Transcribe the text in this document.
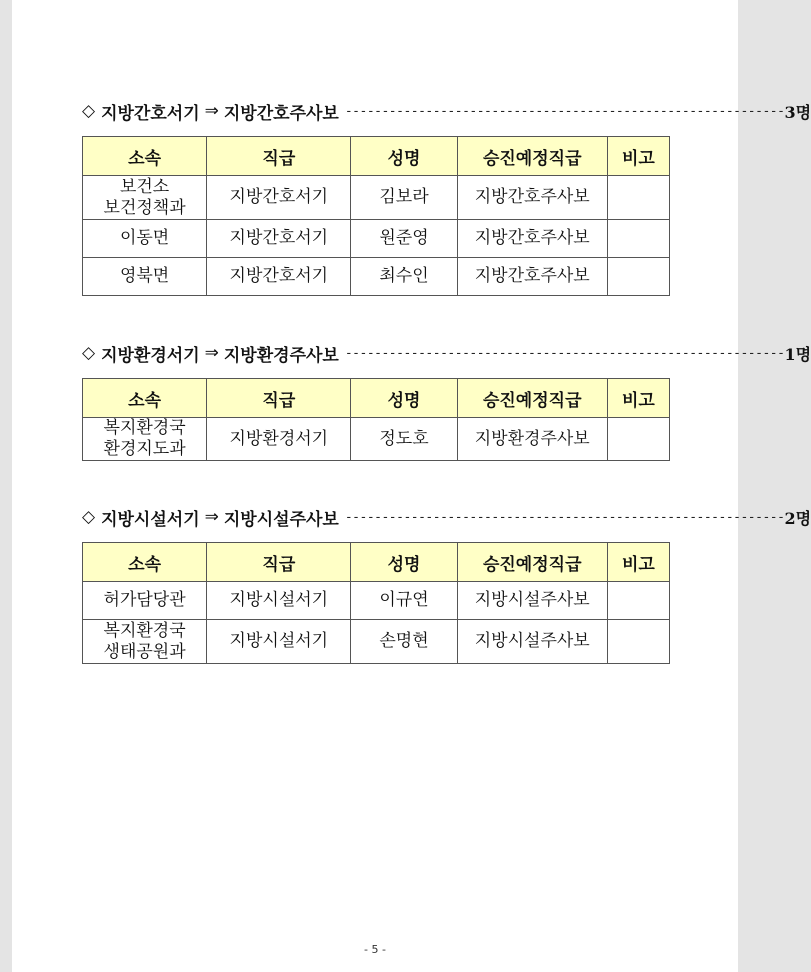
◇ 지방간호서기 ⇒ 지방간호주사보 ------------------------------------------------------------ 3명
소속	직급	성명	승진예정직급	비고

보건소
보건정책과	지방간호서기	김보라	지방간호주사보	
이동면	지방간호서기	원준영	지방간호주사보	
영북면	지방간호서기	최수인	지방간호주사보	
◇ 지방환경서기 ⇒ 지방환경주사보 ------------------------------------------------------------ 1명
소속	직급	성명	승진예정직급	비고

복지환경국
환경지도과	지방환경서기	정도호	지방환경주사보	
◇ 지방시설서기 ⇒ 지방시설주사보 ------------------------------------------------------------ 2명
소속	직급	성명	승진예정직급	비고
허가담당관	지방시설서기	이규연	지방시설주사보	

복지환경국
생태공원과	지방시설서기	손명현	지방시설주사보	
- 5 -
